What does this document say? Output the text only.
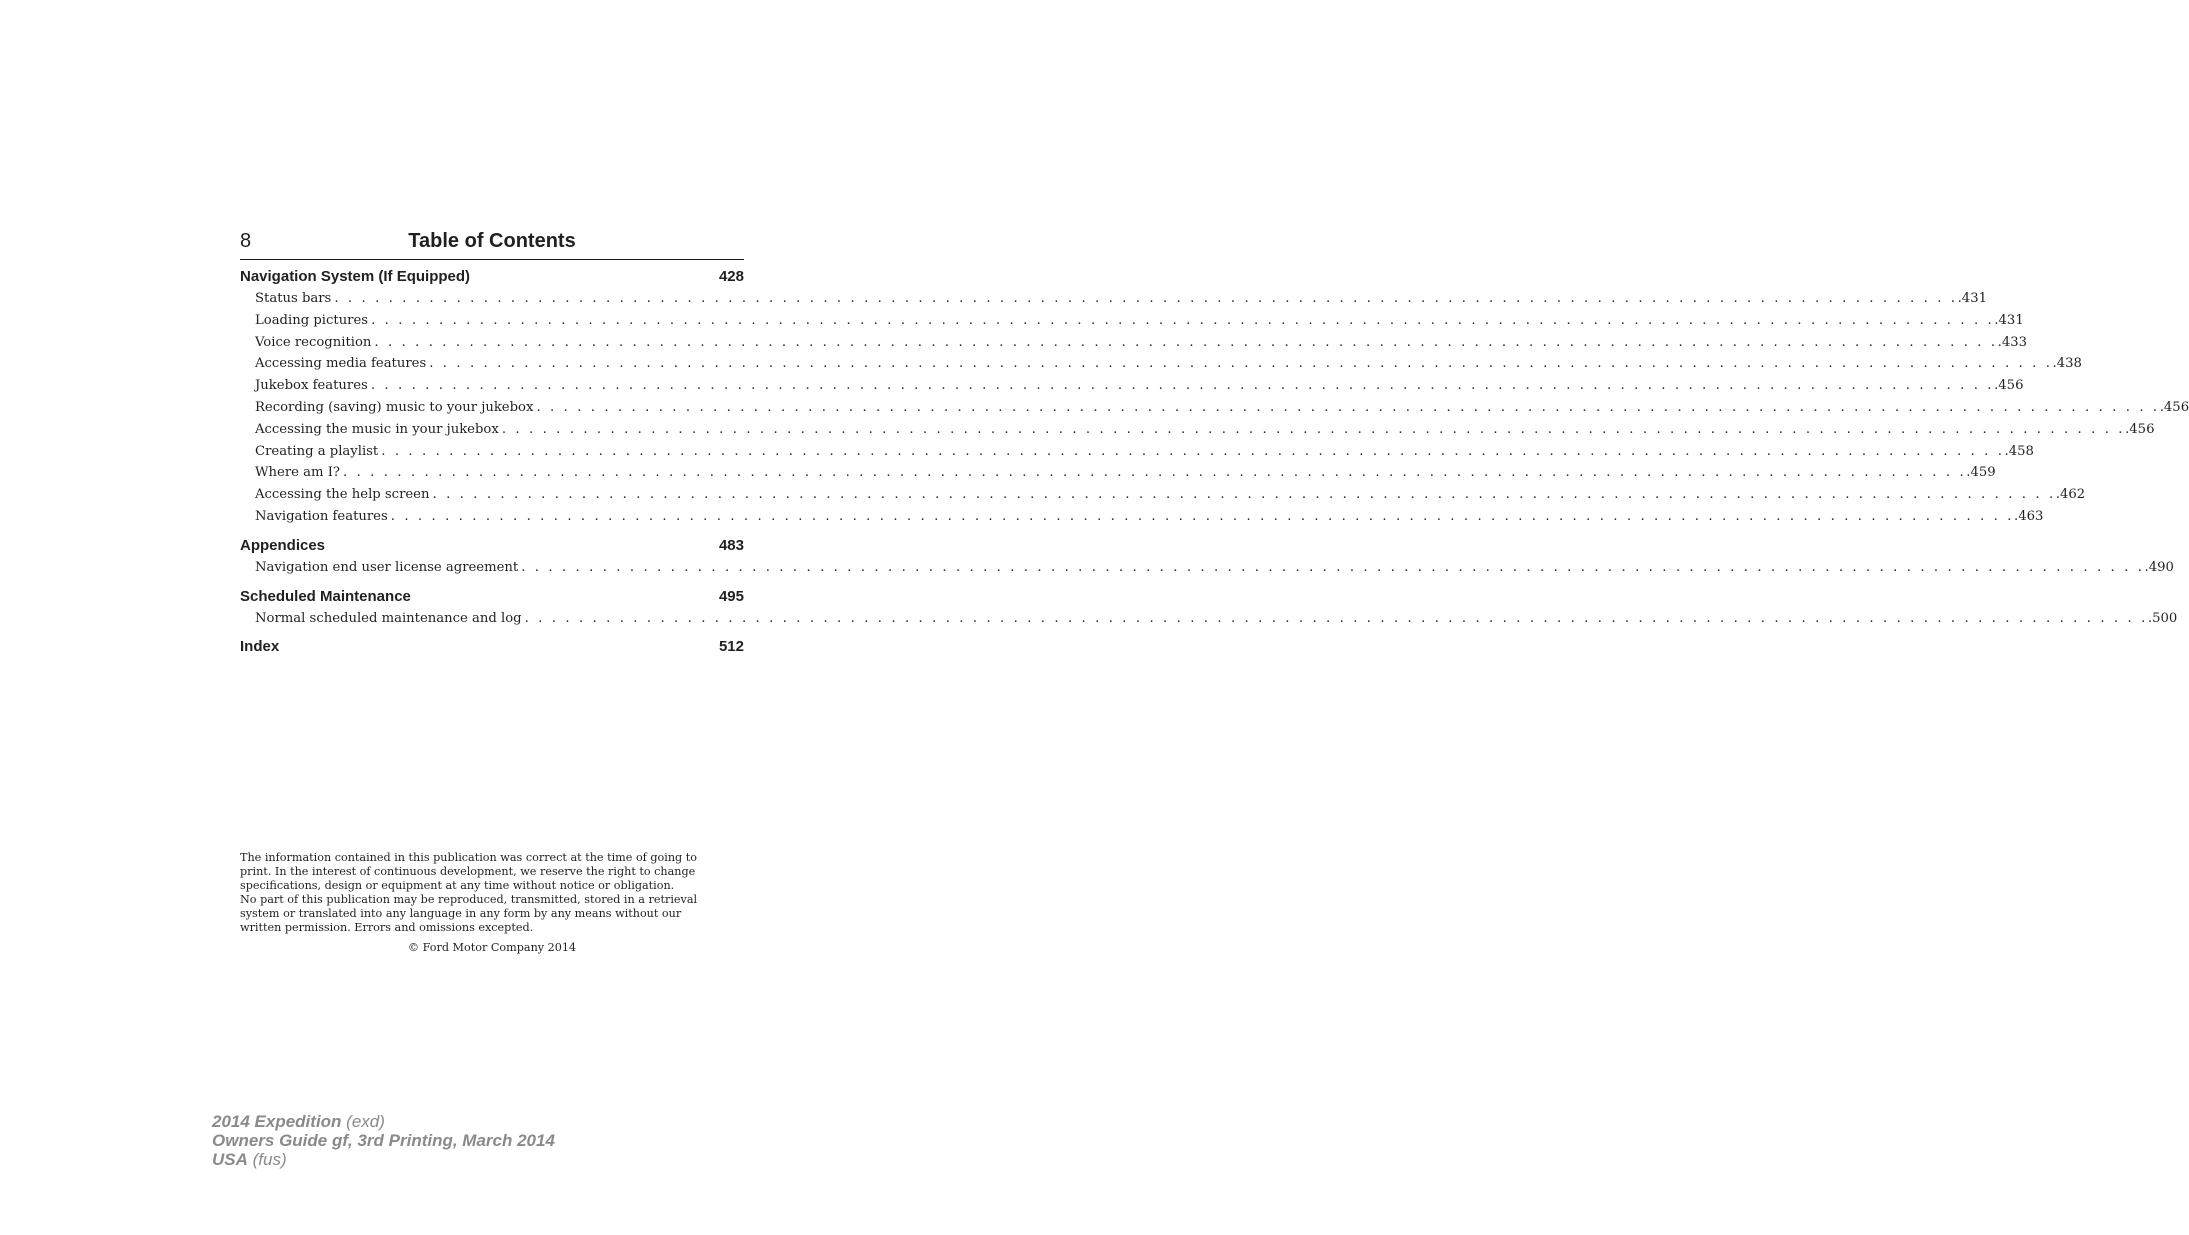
8	Table of Contents
Navigation System (If Equipped)	428
Status bars . . . . . . . . . . . . . . . . . . . . . . . . . . . . . . . . . . . . . . . . . . . . . . . . . . . . . . . . . . . . . . . . . . . . . . . . . . . . . . . . . . . . . . . . . . . . . . . . . . . . . . . . . . . . . . . . . . . . . . . . .431
Loading pictures . . . . . . . . . . . . . . . . . . . . . . . . . . . . . . . . . . . . . . . . . . . . . . . . . . . . . . . . . . . . . . . . . . . . . . . . . . . . . . . . . . . . . . . . . . . . . . . . . . . . . . . . . . . . . . . . . . . . . . . . .431
Voice recognition . . . . . . . . . . . . . . . . . . . . . . . . . . . . . . . . . . . . . . . . . . . . . . . . . . . . . . . . . . . . . . . . . . . . . . . . . . . . . . . . . . . . . . . . . . . . . . . . . . . . . . . . . . . . . . . . . . . . . . . . .433
Accessing media features . . . . . . . . . . . . . . . . . . . . . . . . . . . . . . . . . . . . . . . . . . . . . . . . . . . . . . . . . . . . . . . . . . . . . . . . . . . . . . . . . . . . . . . . . . . . . . . . . . . . . . . . . . . . . . . . . . . . . . . . .438
Jukebox features . . . . . . . . . . . . . . . . . . . . . . . . . . . . . . . . . . . . . . . . . . . . . . . . . . . . . . . . . . . . . . . . . . . . . . . . . . . . . . . . . . . . . . . . . . . . . . . . . . . . . . . . . . . . . . . . . . . . . . . . .456
Recording (saving) music to your jukebox . . . . . . . . . . . . . . . . . . . . . . . . . . . . . . . . . . . . . . . . . . . . . . . . . . . . . . . . . . . . . . . . . . . . . . . . . . . . . . . . . . . . . . . . . . . . . . . . . . . . . . . . . . . . . . . . . . . . . . . . .456
Accessing the music in your jukebox . . . . . . . . . . . . . . . . . . . . . . . . . . . . . . . . . . . . . . . . . . . . . . . . . . . . . . . . . . . . . . . . . . . . . . . . . . . . . . . . . . . . . . . . . . . . . . . . . . . . . . . . . . . . . . . . . . . . . . . . .456
Creating a playlist . . . . . . . . . . . . . . . . . . . . . . . . . . . . . . . . . . . . . . . . . . . . . . . . . . . . . . . . . . . . . . . . . . . . . . . . . . . . . . . . . . . . . . . . . . . . . . . . . . . . . . . . . . . . . . . . . . . . . . . . .458
Where am I? . . . . . . . . . . . . . . . . . . . . . . . . . . . . . . . . . . . . . . . . . . . . . . . . . . . . . . . . . . . . . . . . . . . . . . . . . . . . . . . . . . . . . . . . . . . . . . . . . . . . . . . . . . . . . . . . . . . . . . . . .459
Accessing the help screen . . . . . . . . . . . . . . . . . . . . . . . . . . . . . . . . . . . . . . . . . . . . . . . . . . . . . . . . . . . . . . . . . . . . . . . . . . . . . . . . . . . . . . . . . . . . . . . . . . . . . . . . . . . . . . . . . . . . . . . . .462
Navigation features . . . . . . . . . . . . . . . . . . . . . . . . . . . . . . . . . . . . . . . . . . . . . . . . . . . . . . . . . . . . . . . . . . . . . . . . . . . . . . . . . . . . . . . . . . . . . . . . . . . . . . . . . . . . . . . . . . . . . . . . .463
Appendices	483
Navigation end user license agreement . . . . . . . . . . . . . . . . . . . . . . . . . . . . . . . . . . . . . . . . . . . . . . . . . . . . . . . . . . . . . . . . . . . . . . . . . . . . . . . . . . . . . . . . . . . . . . . . . . . . . . . . . . . . . . . . . . . . . . . . .490
Scheduled Maintenance	495
Normal scheduled maintenance and log . . . . . . . . . . . . . . . . . . . . . . . . . . . . . . . . . . . . . . . . . . . . . . . . . . . . . . . . . . . . . . . . . . . . . . . . . . . . . . . . . . . . . . . . . . . . . . . . . . . . . . . . . . . . . . . . . . . . . . . . .500
Index	512

The information contained in this publication was correct at the time of going to

print. In the interest of continuous development, we reserve the right to change

specifications, design or equipment at any time without notice or obligation.

No part of this publication may be reproduced, transmitted, stored in a retrieval

system or translated into any language in any form by any means without our

written permission. Errors and omissions excepted.

© Ford Motor Company 2014
2014 Expedition (exd)
Owners Guide gf, 3rd Printing, March 2014
USA (fus)
